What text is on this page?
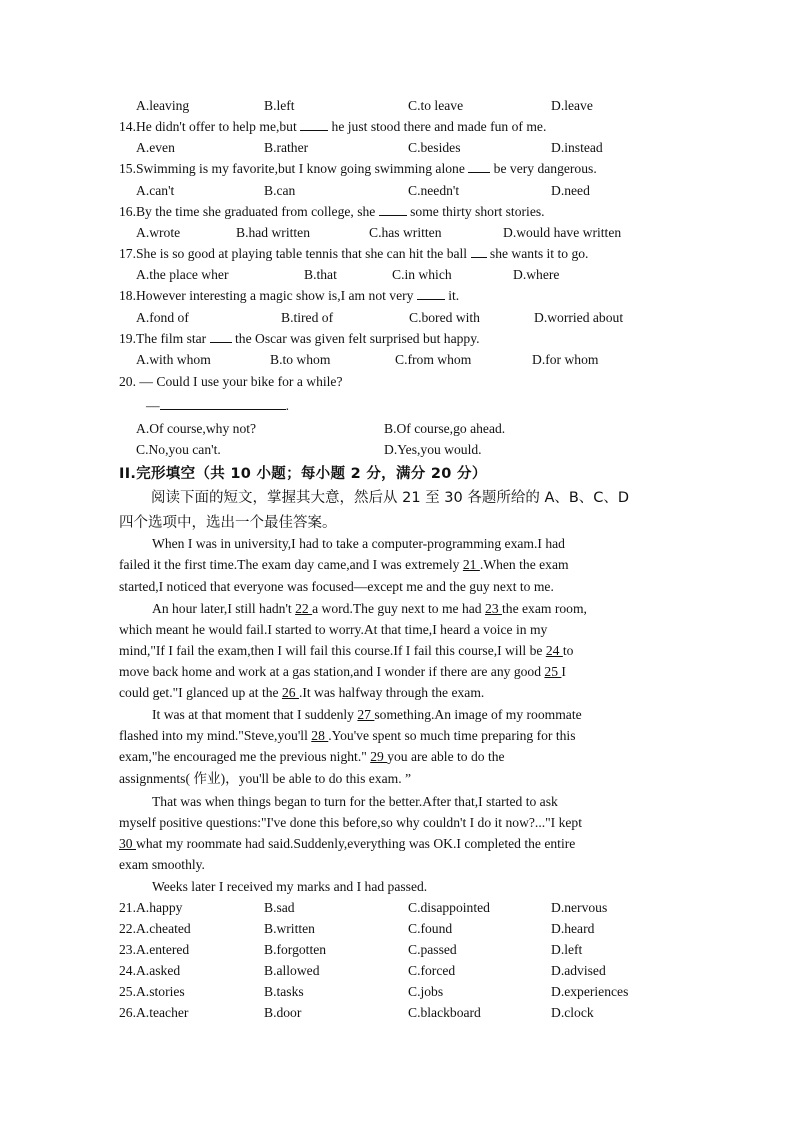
A.leaving	B.left	C.to leave	D.leave
14.He didn't offer to help me,but  he just stood there and made fun of me.
A.even	B.rather	C.besides	D.instead
15.Swimming is my favorite,but I know going swimming alone  be very dangerous.
A.can't	B.can	C.needn't	D.need
16.By the time she graduated from college, she  some thirty short stories.
A.wrote	B.had written	C.has written	D.would have written
17.She is so good at playing table tennis that she can hit the ball  she wants it to go.
A.the place wher	B.that	C.in which	D.where
18.However interesting a magic show is,I am not very  it.
A.fond of	B.tired of	C.bored with	D.worried about
19.The film star  the Oscar was given felt surprised but happy.
A.with whom	B.to whom	C.from whom	D.for whom
20. — Could I use your bike for a while?
—	.
A.Of course,why not?	B.Of course,go ahead.
C.No,you can't.	D.Yes,you would.
II.完形填空（共 10 小题；每小题 2 分，满分 20 分）
阅读下面的短文，掌握其大意，然后从 21 至 30 各题所给的 A、B、C、D
四个选项中，选出一个最佳答案。
When I was in university,I had to take a computer-programming exam.I had
failed it the first time.The exam day came,and I was extremely 21 .When the exam
started,I noticed that everyone was focused—except me and the guy next to me.
An hour later,I still hadn't 22 a word.The guy next to me had 23 the exam room,
which meant he would fail.I started to worry.At that time,I heard a voice in my
mind,"If I fail the exam,then I will fail this course.If I fail this course,I will be 24 to
move back home and work at a gas station,and I wonder if there are any good 25 I
could get."I glanced up at the 26 .It was halfway through the exam.
It was at that moment that I suddenly 27 something.An image of my roommate
flashed into my mind."Steve,you'll 28 .You've spent so much time preparing for this
exam,"he encouraged me the previous night." 29 you are able to do the
assignments( 作业)，you'll be able to do this exam. ”
That was when things began to turn for the better.After that,I started to ask
myself positive questions:"I've done this before,so why couldn't I do it now?..."I kept
30 what my roommate had said.Suddenly,everything was OK.I completed the entire
exam smoothly.
Weeks later I received my marks and I had passed.
21.A.happy	B.sad	C.disappointed	D.nervous
22.A.cheated	B.written	C.found	D.heard
23.A.entered	B.forgotten	C.passed	D.left
24.A.asked	B.allowed	C.forced	D.advised
25.A.stories	B.tasks	C.jobs	D.experiences
26.A.teacher	B.door	C.blackboard	D.clock
